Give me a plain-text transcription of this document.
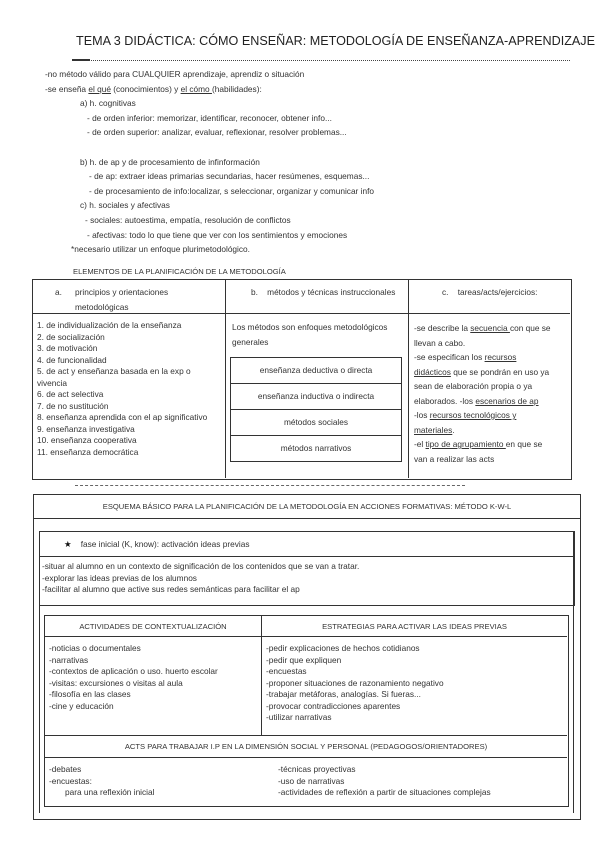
TEMA 3 DIDÁCTICA: CÓMO ENSEÑAR: METODOLOGÍA DE ENSEÑANZA-APRENDIZAJE
-no método válido para CUALQUIER aprendizaje, aprendiz o situación
-se enseña el qué (conocimientos) y el cómo (habilidades):
a) h. cognitivas
- de orden inferior: memorizar, identificar, reconocer, obtener info...
- de orden superior: analizar, evaluar, reflexionar, resolver problemas...
b) h. de ap y de procesamiento de infinformación
- de ap: extraer ideas primarias secundarias, hacer resúmenes, esquemas...
- de procesamiento de info:localizar, s seleccionar, organizar y comunicar info
c) h. sociales y afectivas
- sociales: autoestima, empatía, resolución de conflictos
- afectivas: todo lo que tiene que ver con los sentimientos y emociones
*necesario utilizar un enfoque plurimetodológico.
ELEMENTOS DE LA PLANIFICACIÓN DE LA METODOLOGÍA
a. principios y orientaciones

metodológicas
b. métodos y técnicas instruccionales	c. tareas/acts/ejercicios:
1. de individualización de la enseñanza
2. de socialización
3. de motivación
4. de funcionalidad
5. de act y enseñanza basada en la exp o
vivencia
6. de act selectiva
7. de no sustitución
8. enseñanza aprendida con el ap significativo
9. enseñanza investigativa
10. enseñanza cooperativa
11. enseñanza democrática
Los métodos son enfoques metodológicos
generales
enseñanza deductiva o directa
enseñanza inductiva o indirecta
métodos sociales
métodos narrativos
-se describe la secuencia con que se
llevan a cabo.
-se especifican los recursos
didácticos que se pondrán en uso ya
sean de elaboración propia o ya
elaborados. -los escenarios de ap
-los recursos tecnológicos y
materiales.
-el tipo de agrupamiento en que se
van a realizar las acts
ESQUEMA BÁSICO PARA LA PLANIFICACIÓN DE LA METODOLOGÍA EN ACCIONES FORMATIVAS: MÉTODO K-W-L
★ fase inicial (K, know): activación ideas previas
-situar al alumno en un contexto de significación de los contenidos que se van a tratar.
-explorar las ideas previas de los alumnos
-facilitar al alumno que active sus redes semánticas para facilitar el ap
ACTIVIDADES DE CONTEXTUALIZACIÓN	ESTRATEGIAS PARA ACTIVAR LAS IDEAS PREVIAS
-noticias o documentales
-narrativas
-contextos de aplicación o uso. huerto escolar
-visitas: excursiones o visitas al aula
-filosofía en las clases
-cine y educación
-pedir explicaciones de hechos cotidianos
-pedir que expliquen
-encuestas
-proponer situaciones de razonamiento negativo
-trabajar metáforas, analogías. Si fueras...
-provocar contradicciones aparentes
-utilizar narrativas
ACTS PARA TRABAJAR I.P EN LA DIMENSIÓN SOCIAL Y PERSONAL (PEDAGOGOS/ORIENTADORES)
-debates
-encuestas:
para una reflexión inicial
-técnicas proyectivas
-uso de narrativas
-actividades de reflexión a partir de situaciones complejas
